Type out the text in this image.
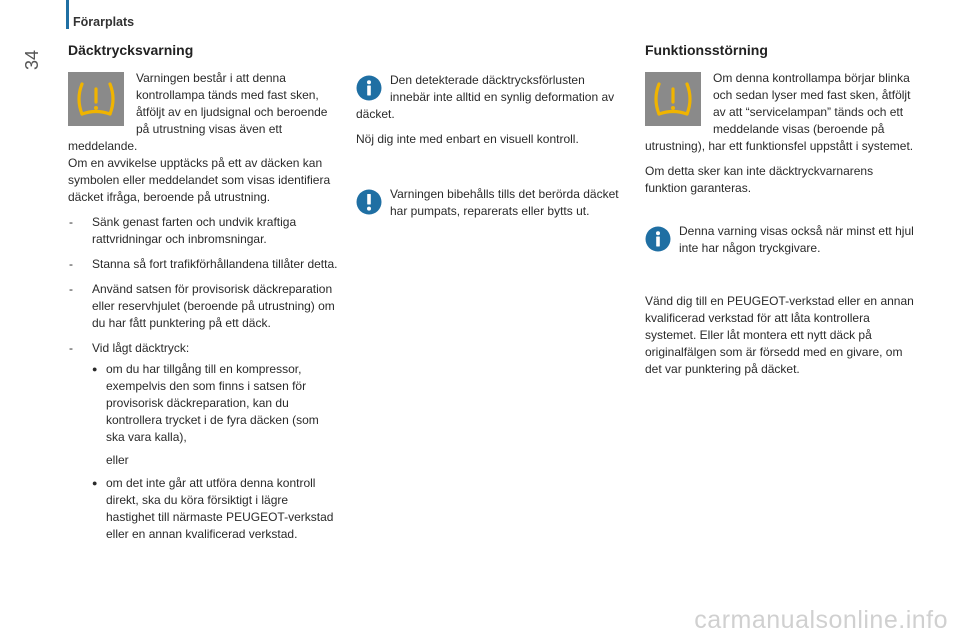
Förarplats
34 Däcktrycksvarning

Varningen består i att denna kontrollampa tänds med fast sken, åtföljt av en ljudsignal och beroende på utrustning visas även ett meddelande.

Om en avvikelse upptäcks på ett av däcken kan symbolen eller meddelandet som visas identifiera däcket ifråga, beroende på utrustning.

- Sänk genast farten och undvik kraftiga rattvridningar och inbromsningar.
- Stanna så fort trafikförhållandena tillåter detta.
- Använd satsen för provisorisk däckreparation eller reservhjulet (beroende på utrustning) om du har fått punktering på ett däck.
- Vid lågt däcktryck:
● om du har tillgång till en kompressor, exempelvis den som finns i satsen för provisorisk däckreparation, kan du kontrollera trycket i de fyra däcken (som ska vara kalla),

eller

● om det inte går att utföra denna kontroll direkt, ska du köra försiktigt i lägre hastighet till närmaste PEUGEOT-verkstad eller en annan kvalificerad verkstad.

Den detekterade däcktrycksförlusten innebär inte alltid en synlig deformation av däcket.

Nöj dig inte med enbart en visuell kontroll.

Varningen bibehålls tills det berörda däcket har pumpats, reparerats eller bytts ut.

Funktionsstörning

Om denna kontrollampa börjar blinka och sedan lyser med fast sken, åtföljt av att “servicelampan” tänds och ett meddelande visas (beroende på utrustning), har ett funktionsfel uppstått i systemet.

Om detta sker kan inte däcktryckvarnarens funktion garanteras.

Denna varning visas också när minst ett hjul inte har någon tryckgivare.

Vänd dig till en PEUGEOT-verkstad eller en annan kvalificerad verkstad för att låta kontrollera systemet. Eller låt montera ett nytt däck på originalfälgen som är försedd med en givare, om det var punktering på däcket.

carmanualsonline.info
